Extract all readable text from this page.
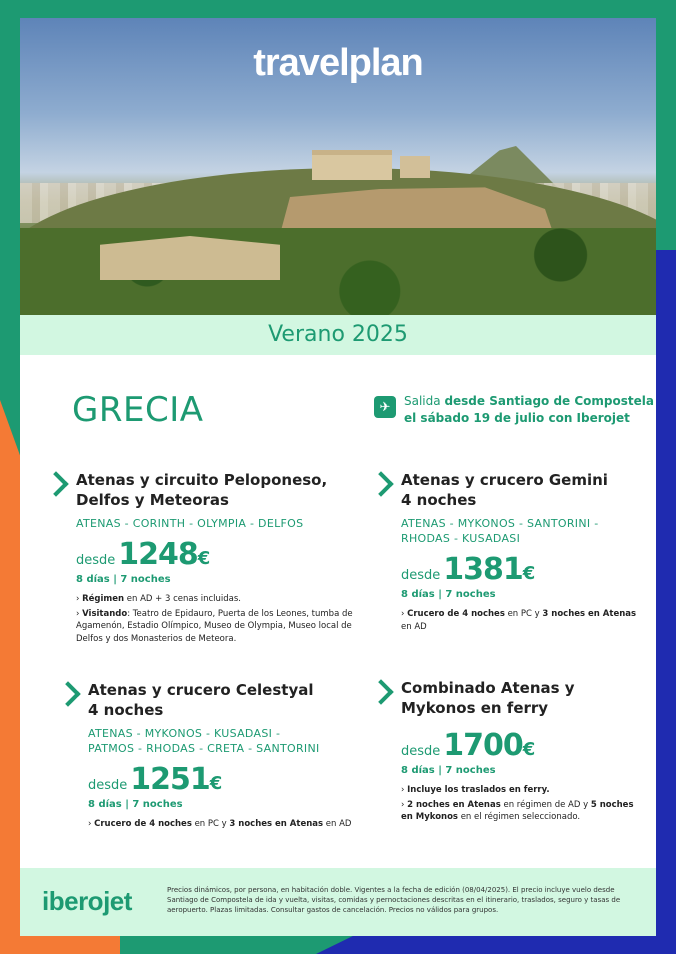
travelplan
Verano 2025
GRECIA	✈	Salida desde Santiago de Compostela
el sábado 19 de julio con Iberojet
Atenas y circuito Peloponeso,
Delfos y Meteoras
ATENAS - CORINTH - OLYMPIA - DELFOS
desde 1248 €
8 días | 7 noches

› Régimen en AD + 3 cenas incluidas.

› Visitando: Teatro de Epidauro, Puerta de los Leones, tumba de Agamenón, Estadio Olímpico, Museo de Olympia, Museo local de Delfos y dos Monasterios de Meteora.

Atenas y crucero Gemini
4 noches
ATENAS - MYKONOS - SANTORINI -
RHODAS - KUSADASI
desde 1381 €
8 días | 7 noches

› Crucero de 4 noches en PC y 3 noches en Atenas en AD

Atenas y crucero Celestyal
4 noches
ATENAS - MYKONOS - KUSADASI -
PATMOS - RHODAS - CRETA - SANTORINI
desde 1251 €
8 días | 7 noches

› Crucero de 4 noches en PC y 3 noches en Atenas en AD

Combinado Atenas y
Mykonos en ferry
desde 1700 €
8 días | 7 noches

› Incluye los traslados en ferry.

› 2 noches en Atenas en régimen de AD y 5 noches en Mykonos en el régimen seleccionado.

iberojet	Precios dinámicos, por persona, en habitación doble. Vigentes a la fecha de edición (08/04/2025). El precio incluye vuelo desde Santiago de Compostela de ida y vuelta, visitas, comidas y pernoctaciones descritas en el itinerario, traslados, seguro y tasas de aeropuerto. Plazas limitadas. Consultar gastos de cancelación. Precios no válidos para grupos.
